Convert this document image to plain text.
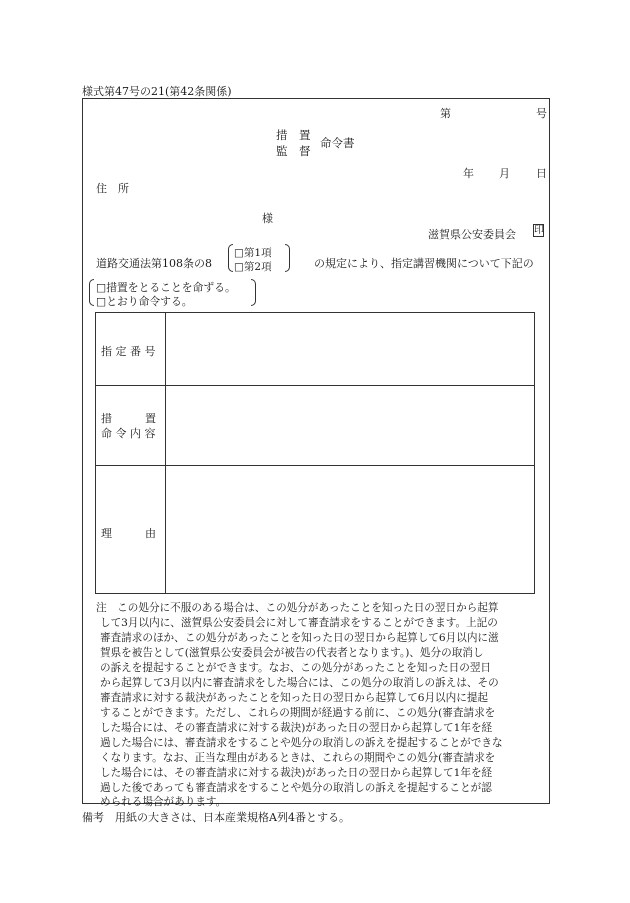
様式第47号の21(第42条関係)
第	号
措　置
監　督
命令書
年 月 日
住　所
様
滋賀県公安委員会 印
道路交通法第108条の8
□第1項
□第2項	の規定により、指定講習機関について下記の
□措置をとることを命ずる。
□とおり命令する。
指 定 番 号
措　　　置
命 令 内 容
理　　　由
注　この処分に不服のある場合は、この処分があったことを知った日の翌日から起算
して3月以内に、滋賀県公安委員会に対して審査請求をすることができます。上記の
審査請求のほか、この処分があったことを知った日の翌日から起算して6月以内に滋
賀県を被告として(滋賀県公安委員会が被告の代表者となります。)、処分の取消し
の訴えを提起することができます。なお、この処分があったことを知った日の翌日
から起算して3月以内に審査請求をした場合には、この処分の取消しの訴えは、その
審査請求に対する裁決があったことを知った日の翌日から起算して6月以内に提起
することができます。ただし、これらの期間が経過する前に、この処分(審査請求を
した場合には、その審査請求に対する裁決)があった日の翌日から起算して1年を経
過した場合には、審査請求をすることや処分の取消しの訴えを提起することができな
くなります。なお、正当な理由があるときは、これらの期間やこの処分(審査請求を
した場合には、その審査請求に対する裁決)があった日の翌日から起算して1年を経
過した後であっても審査請求をすることや処分の取消しの訴えを提起することが認
められる場合があります。
備考　用紙の大きさは、日本産業規格A列4番とする。
